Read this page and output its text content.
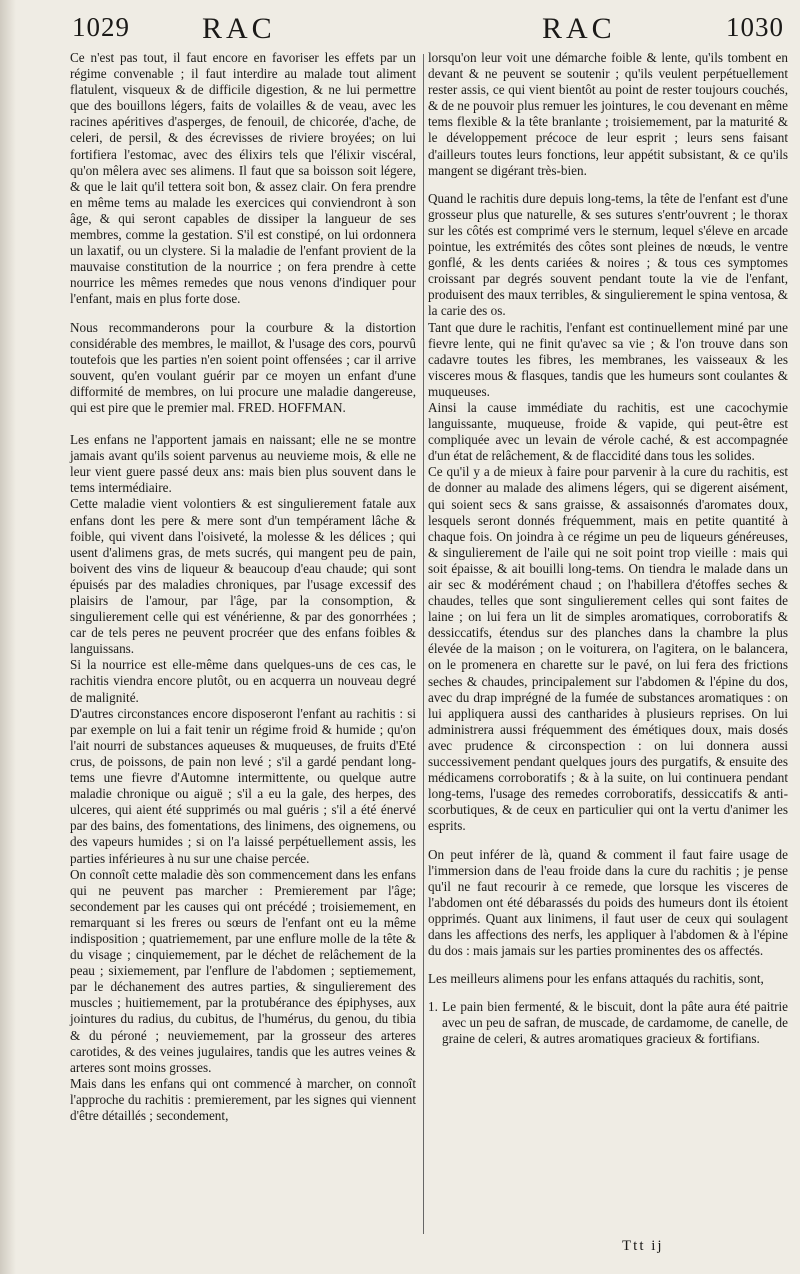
1029 RAC	RAC	1030

Ce n'est pas tout, il faut encore en favoriser les effets par un régime convenable ; il faut interdire au malade tout aliment flatulent, visqueux & de difficile digestion, & ne lui permettre que des bouillons légers, faits de volailles & de veau, avec les racines apéritives d'asperges, de fenouil, de chicorée, d'ache, de celeri, de persil, & des écrevisses de riviere broyées; on lui fortifiera l'estomac, avec des élixirs tels que l'élixir viscéral, qu'on mêlera avec ses alimens. Il faut que sa boisson soit légere, & que le lait qu'il tettera soit bon, & assez clair. On fera prendre en même tems au malade les exercices qui conviendront à son âge, & qui seront capables de dissiper la langueur de ses membres, comme la gestation. S'il est constipé, on lui ordonnera un laxatif, ou un clystere. Si la maladie de l'enfant provient de la mauvaise constitution de la nourrice ; on fera prendre à cette nourrice les mêmes remedes que nous venons d'indiquer pour l'enfant, mais en plus forte dose.

Nous recommanderons pour la courbure & la distortion considérable des membres, le maillot, & l'usage des cors, pourvû toutefois que les parties n'en soient point offensées ; car il arrive souvent, qu'en voulant guérir par ce moyen un enfant d'une difformité de membres, on lui procure une maladie dangereuse, qui est pire que le premier mal. FRED. HOFFMAN.

Les enfans ne l'apportent jamais en naissant; elle ne se montre jamais avant qu'ils soient parvenus au neuvieme mois, & elle ne leur vient guere passé deux ans: mais bien plus souvent dans le tems intermédiaire.

Cette maladie vient volontiers & est singulierement fatale aux enfans dont les pere & mere sont d'un tempérament lâche & foible, qui vivent dans l'oisiveté, la molesse & les délices ; qui usent d'alimens gras, de mets sucrés, qui mangent peu de pain, boivent des vins de liqueur & beaucoup d'eau chaude; qui sont épuisés par des maladies chroniques, par l'usage excessif des plaisirs de l'amour, par l'âge, par la consomption, & singulierement celle qui est vénérienne, & par des gonorrhées ; car de tels peres ne peuvent procréer que des enfans foibles & languissans.

Si la nourrice est elle-même dans quelques-uns de ces cas, le rachitis viendra encore plutôt, ou en acquerra un nouveau degré de malignité.

D'autres circonstances encore disposeront l'enfant au rachitis : si par exemple on lui a fait tenir un régime froid & humide ; qu'on l'ait nourri de substances aqueuses & muqueuses, de fruits d'Eté crus, de poissons, de pain non levé ; s'il a gardé pendant long-tems une fievre d'Automne intermittente, ou quelque autre maladie chronique ou aiguë ; s'il a eu la gale, des herpes, des ulceres, qui aient été supprimés ou mal guéris ; s'il a été énervé par des bains, des fomentations, des linimens, des oignemens, ou des vapeurs humides ; si on l'a laissé perpétuellement assis, les parties inférieures à nu sur une chaise percée.

On connoît cette maladie dès son commencement dans les enfans qui ne peuvent pas marcher : Premierement par l'âge; secondement par les causes qui ont précédé ; troisiemement, en remarquant si les freres ou sœurs de l'enfant ont eu la même indisposition ; quatriemement, par une enflure molle de la tête & du visage ; cinquiemement, par le déchet de relâchement de la peau ; sixiemement, par l'enflure de l'abdomen ; septiemement, par le déchanement des autres parties, & singulierement des muscles ; huitiemement, par la protubérance des épiphyses, aux jointures du radius, du cubitus, de l'humérus, du genou, du tibia & du péroné ; neuviemement, par la grosseur des arteres carotides, & des veines jugulaires, tandis que les autres veines & arteres sont moins grosses.

Mais dans les enfans qui ont commencé à marcher, on connoît l'approche du rachitis : premierement, par les signes qui viennent d'être détaillés ; secondement,

lorsqu'on leur voit une démarche foible & lente, qu'ils tombent en devant & ne peuvent se soutenir ; qu'ils veulent perpétuellement rester assis, ce qui vient bientôt au point de rester toujours couchés, & de ne pouvoir plus remuer les jointures, le cou devenant en même tems flexible & la tête branlante ; troisiemement, par la maturité & le développement précoce de leur esprit ; leurs sens faisant d'ailleurs toutes leurs fonctions, leur appétit subsistant, & ce qu'ils mangent se digérant très-bien.

Quand le rachitis dure depuis long-tems, la tête de l'enfant est d'une grosseur plus que naturelle, & ses sutures s'entr'ouvrent ; le thorax sur les côtés est comprimé vers le sternum, lequel s'éleve en arcade pointue, les extrémités des côtes sont pleines de nœuds, le ventre gonflé, & les dents cariées & noires ; & tous ces symptomes croissant par degrés souvent pendant toute la vie de l'enfant, produisent des maux terribles, & singulierement le spina ventosa, & la carie des os.

Tant que dure le rachitis, l'enfant est continuellement miné par une fievre lente, qui ne finit qu'avec sa vie ; & l'on trouve dans son cadavre toutes les fibres, les membranes, les vaisseaux & les visceres mous & flasques, tandis que les humeurs sont coulantes & muqueuses.

Ainsi la cause immédiate du rachitis, est une cacochymie languissante, muqueuse, froide & vapide, qui peut-être est compliquée avec un levain de vérole caché, & est accompagnée d'un état de relâchement, & de flaccidité dans tous les solides.

Ce qu'il y a de mieux à faire pour parvenir à la cure du rachitis, est de donner au malade des alimens légers, qui se digerent aisément, qui soient secs & sans graisse, & assaisonnés d'aromates doux, lesquels seront donnés fréquemment, mais en petite quantité à chaque fois. On joindra à ce régime un peu de liqueurs généreuses, & singulierement de l'aile qui ne soit point trop vieille : mais qui soit épaisse, & ait bouilli long-tems. On tiendra le malade dans un air sec & modérément chaud ; on l'habillera d'étoffes seches & chaudes, telles que sont singulierement celles qui sont faites de laine ; on lui fera un lit de simples aromatiques, corroboratifs & dessiccatifs, étendus sur des planches dans la chambre la plus élevée de la maison ; on le voiturera, on l'agitera, on le balancera, on le promenera en charette sur le pavé, on lui fera des frictions seches & chaudes, principalement sur l'abdomen & l'épine du dos, avec du drap imprégné de la fumée de substances aromatiques : on lui appliquera aussi des cantharides à plusieurs reprises. On lui administrera aussi fréquemment des émétiques doux, mais dosés avec prudence & circonspection : on lui donnera aussi successivement pendant quelques jours des purgatifs, & ensuite des médicamens corroboratifs ; & à la suite, on lui continuera pendant long-tems, l'usage des remedes corroboratifs, dessiccatifs & anti-scorbutiques, & de ceux en particulier qui ont la vertu d'animer les esprits.

On peut inférer de là, quand & comment il faut faire usage de l'immersion dans de l'eau froide dans la cure du rachitis ; je pense qu'il ne faut recourir à ce remede, que lorsque les visceres de l'abdomen ont été débarassés du poids des humeurs dont ils étoient opprimés. Quant aux linimens, il faut user de ceux qui soulagent dans les affections des nerfs, les appliquer à l'abdomen & à l'épine du dos : mais jamais sur les parties prominentes des os affectés.

Les meilleurs alimens pour les enfans attaqués du rachitis, sont,

1. Le pain bien fermenté, & le biscuit, dont la pâte aura été paitrie avec un peu de safran, de muscade, de cardamome, de canelle, de graine de celeri, & autres aromatiques gracieux & fortifians.

Ttt ij
